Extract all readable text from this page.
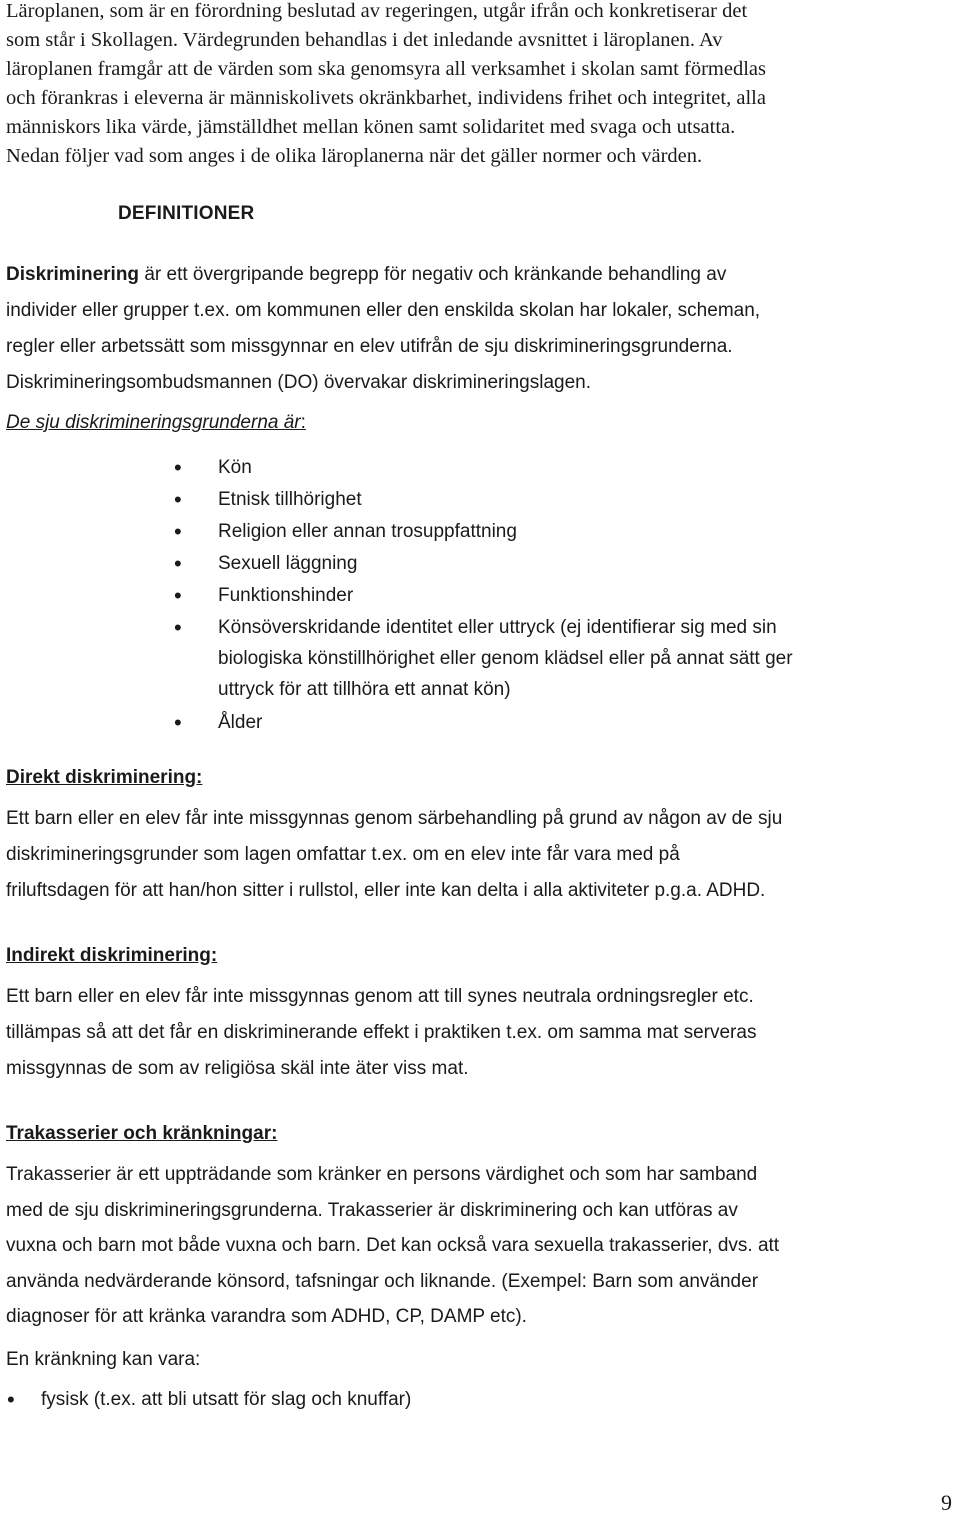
Läroplanen, som är en förordning beslutad av regeringen, utgår ifrån och konkretiserar det
som står i Skollagen. Värdegrunden behandlas i det inledande avsnittet i läroplanen. Av
läroplanen framgår att de värden som ska genomsyra all verksamhet i skolan samt förmedlas
och förankras i eleverna är människolivets okränkbarhet, individens frihet och integritet, alla
människors lika värde, jämställdhet mellan könen samt solidaritet med svaga och utsatta.
Nedan följer vad som anges i de olika läroplanerna när det gäller normer och värden.

DEFINITIONER

Diskriminering är ett övergripande begrepp för negativ och kränkande behandling av
individer eller grupper t.ex. om kommunen eller den enskilda skolan har lokaler, scheman,
regler eller arbetssätt som missgynnar en elev utifrån de sju diskrimineringsgrunderna.
Diskrimineringsombudsmannen (DO) övervakar diskrimineringslagen.

De sju diskrimineringsgrunderna är:

• Kön
• Etnisk tillhörighet
• Religion eller annan trosuppfattning
• Sexuell läggning
• Funktionshinder
• Könsöverskridande identitet eller uttryck (ej identifierar sig med sin
biologiska könstillhörighet eller genom klädsel eller på annat sätt ger
uttryck för att tillhöra ett annat kön)
• Ålder
Direkt diskriminering:

Ett barn eller en elev får inte missgynnas genom särbehandling på grund av någon av de sju
diskrimineringsgrunder som lagen omfattar t.ex. om en elev inte får vara med på
friluftsdagen för att han/hon sitter i rullstol, eller inte kan delta i alla aktiviteter p.g.a. ADHD.

Indirekt diskriminering:

Ett barn eller en elev får inte missgynnas genom att till synes neutrala ordningsregler etc.
tillämpas så att det får en diskriminerande effekt i praktiken t.ex. om samma mat serveras
missgynnas de som av religiösa skäl inte äter viss mat.

Trakasserier och kränkningar:

Trakasserier är ett uppträdande som kränker en persons värdighet och som har samband
med de sju diskrimineringsgrunderna. Trakasserier är diskriminering och kan utföras av
vuxna och barn mot både vuxna och barn. Det kan också vara sexuella trakasserier, dvs. att
använda nedvärderande könsord, tafsningar och liknande. (Exempel: Barn som använder
diagnoser för att kränka varandra som ADHD, CP, DAMP etc).

En kränkning kan vara:

• fysisk (t.ex. att bli utsatt för slag och knuffar)

9
